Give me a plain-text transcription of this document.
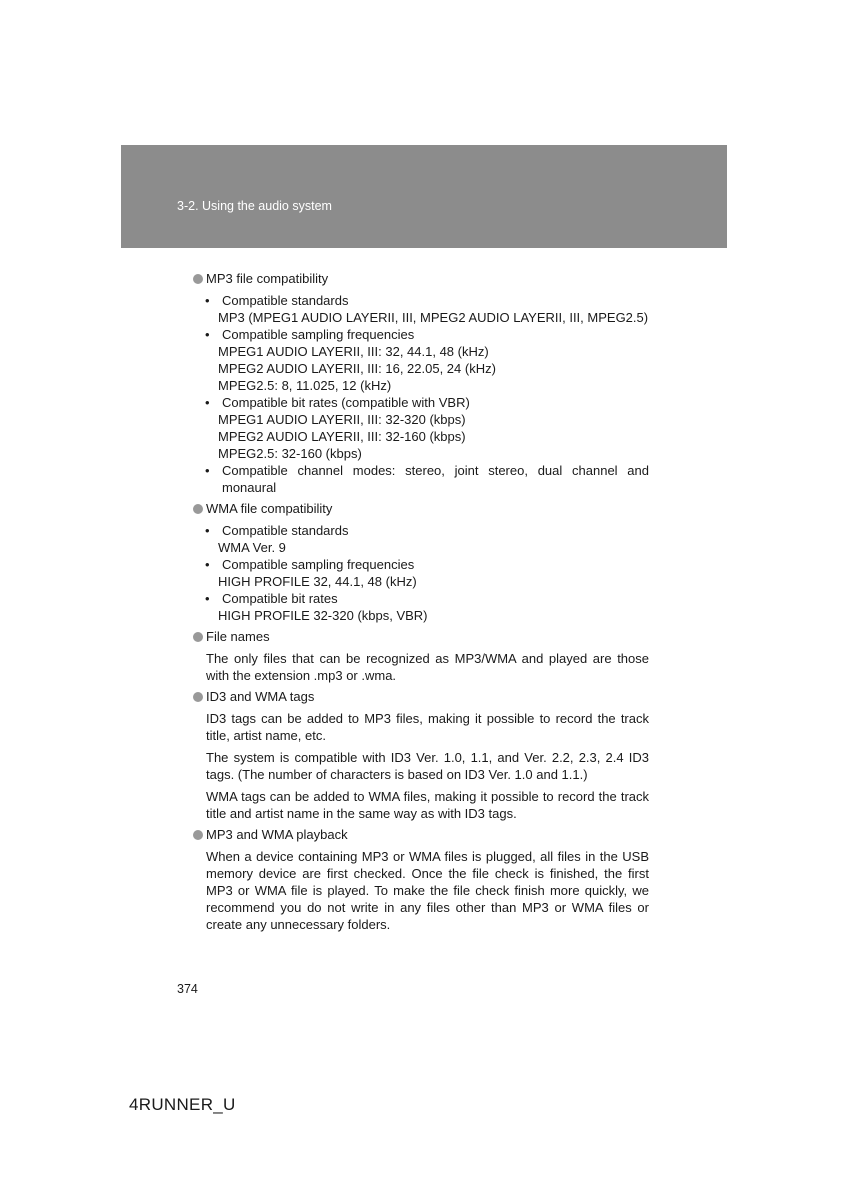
3-2. Using the audio system
MP3 file compatibility
• Compatible standards
MP3 (MPEG1 AUDIO LAYERII, III, MPEG2 AUDIO LAYERII, III, MPEG2.5)
• Compatible sampling frequencies
MPEG1 AUDIO LAYERII, III: 32, 44.1, 48 (kHz)
MPEG2 AUDIO LAYERII, III: 16, 22.05, 24 (kHz)
MPEG2.5: 8, 11.025, 12 (kHz)
• Compatible bit rates (compatible with VBR)
MPEG1 AUDIO LAYERII, III: 32-320 (kbps)
MPEG2 AUDIO LAYERII, III: 32-160 (kbps)
MPEG2.5: 32-160 (kbps)
• Compatible channel modes: stereo, joint stereo, dual channel and monaural
WMA file compatibility
• Compatible standards
WMA Ver. 9
• Compatible sampling frequencies
HIGH PROFILE 32, 44.1, 48 (kHz)
• Compatible bit rates
HIGH PROFILE 32-320 (kbps, VBR)
File names
The only files that can be recognized as MP3/WMA and played are those with the extension .mp3 or .wma.
ID3 and WMA tags
ID3 tags can be added to MP3 files, making it possible to record the track title, artist name, etc.
The system is compatible with ID3 Ver. 1.0, 1.1, and Ver. 2.2, 2.3, 2.4 ID3 tags. (The number of characters is based on ID3 Ver. 1.0 and 1.1.)
WMA tags can be added to WMA files, making it possible to record the track title and artist name in the same way as with ID3 tags.
MP3 and WMA playback
When a device containing MP3 or WMA files is plugged, all files in the USB memory device are first checked. Once the file check is finished, the first MP3 or WMA file is played. To make the file check finish more quickly, we recommend you do not write in any files other than MP3 or WMA files or create any unnecessary folders.
374
4RUNNER_U
